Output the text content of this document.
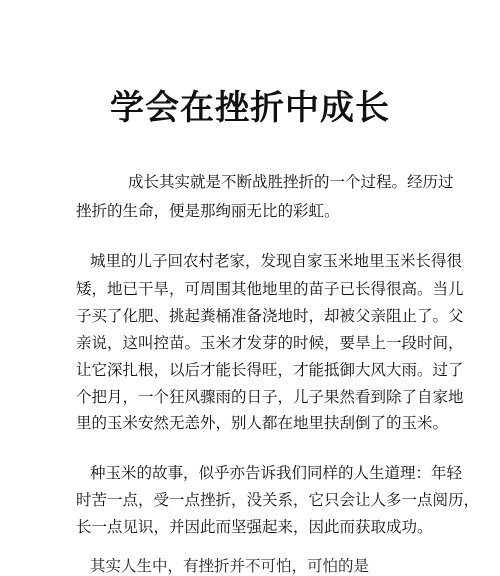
学会在挫折中成长
成长其实就是不断战胜挫折的一个过程。经历过
挫折的生命，便是那绚丽无比的彩虹。
城里的儿子回农村老家，发现自家玉米地里玉米长得很
矮，地已干旱，可周围其他地里的苗子已长得很高。当儿
子买了化肥、挑起粪桶准备浇地时，却被父亲阻止了。父
亲说，这叫控苗。玉米才发芽的时候，要旱上一段时间，
让它深扎根，以后才能长得旺，才能抵御大风大雨。过了
个把月，一个狂风骤雨的日子，儿子果然看到除了自家地
里的玉米安然无恙外，别人都在地里扶刮倒了的玉米。
种玉米的故事，似乎亦告诉我们同样的人生道理：年轻
时苦一点，受一点挫折，没关系，它只会让人多一点阅历，
长一点见识，并因此而坚强起来，因此而获取成功。
其实人生中，有挫折并不可怕，可怕的是
